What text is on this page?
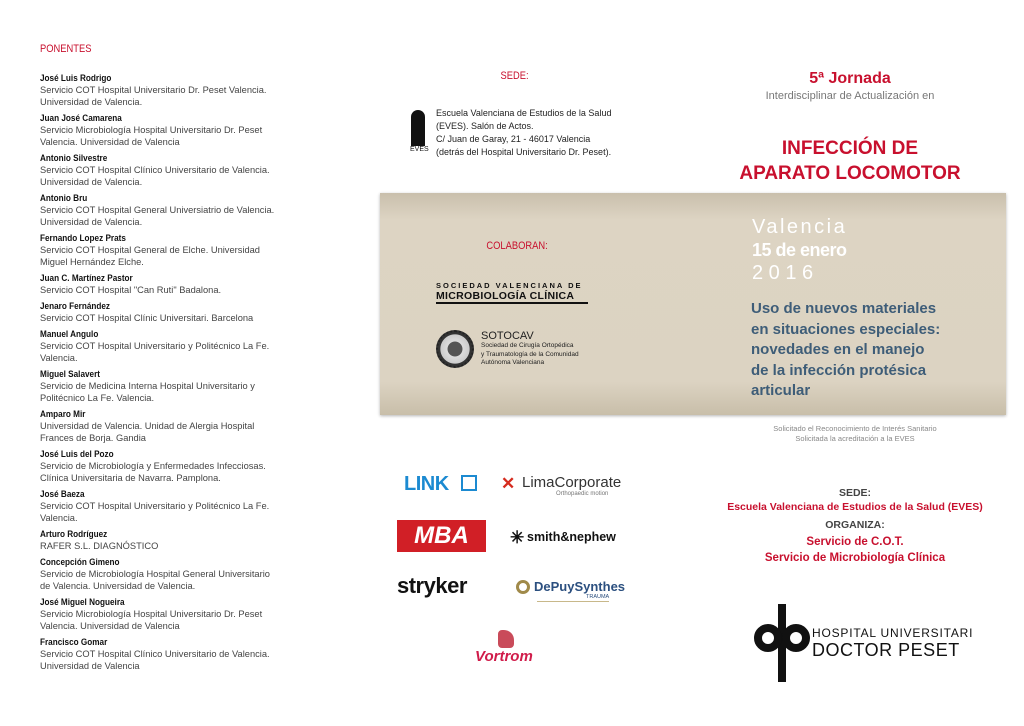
PONENTES
José Luis Rodrigo
Servicio COT Hospital Universitario Dr. Peset Valencia.
Universidad de Valencia.
Juan José Camarena
Servicio Microbiología Hospital Universitario Dr. Peset
Valencia. Universidad de Valencia
Antonio Silvestre
Servicio COT Hospital Clínico Universitario de Valencia.
Universidad de Valencia.
Antonio Bru
Servicio COT Hospital General Universiatrio de Valencia.
Universidad de Valencia.
Fernando Lopez Prats
Servicio COT Hospital General de Elche. Universidad
Miguel Hernández Elche.
Juan C. Martínez Pastor
Servicio COT Hospital "Can Ruti" Badalona.
Jenaro Fernández
Servicio COT Hospital Clínic Universitari. Barcelona
Manuel Angulo
Servicio COT Hospital Universitario y Politécnico La Fe.
Valencia.
Miguel Salavert
Servicio de Medicina Interna Hospital Universitario y
Politécnico La Fe. Valencia.
Amparo Mir
Universidad de Valencia. Unidad de Alergia Hospital
Frances de Borja. Gandia
José Luis del Pozo
Servicio de Microbiología y Enfermedades Infecciosas.
Clínica Universitaria de Navarra. Pamplona.
José Baeza
Servicio COT Hospital Universitario y Politécnico La Fe.
Valencia.
Arturo Rodríguez
RAFER S.L. DIAGNÓSTICO
Concepción Gimeno
Servicio de Microbiología Hospital General Universitario
de Valencia. Universidad de Valencia.
José Miguel Nogueira
Servicio Microbiología Hospital Universitario Dr. Peset
Valencia. Universidad de Valencia
Francisco Gomar
Servicio COT Hospital Clínico Universitario de Valencia.
Universidad de Valencia
SEDE:
EVES
Escuela Valenciana de Estudios de la Salud
(EVES). Salón de Actos.
C/ Juan de Garay, 21 - 46017 Valencia
(detrás del Hospital Universitario Dr. Peset).
5ª Jornada
Interdisciplinar de Actualización en
INFECCIÓN DE
APARATO LOCOMOTOR
COLABORAN:
SOCIEDAD VALENCIANA DE
MICROBIOLOGÍA CLÍNICA
SOTOCAV
Sociedad de Cirugía Ortopédica
y Traumatología de la Comunidad
Autónoma Valenciana
Valencia
15 de enero
2 0 1 6
Uso de nuevos materiales
en situaciones especiales:
novedades en el manejo
de la infección protésica
articular
Solicitado el Reconocimiento de Interés Sanitario
Solicitada la acreditación a la EVES
SEDE:
Escuela Valenciana de Estudios de la Salud (EVES)
ORGANIZA:
Servicio de C.O.T.
Servicio de Microbiología Clínica
HOSPITAL UNIVERSITARI
DOCTOR PESET
LINK	✕ LimaCorporate
Orthopaedic motion
MBA	✳ smith&nephew
stryker	DePuySynthes
TRAUMA
Vortrom
